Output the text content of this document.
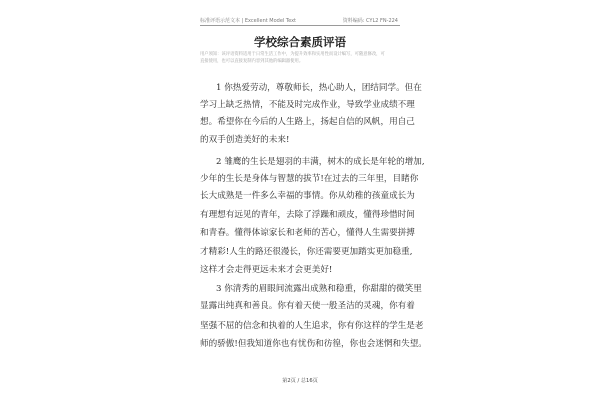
标准评语示范文本 | Excellent Model Text	资料编码: CYL2 FN-224
学校综合素质评语
用户须知：该评语资料适用于日常生活工作中，为提升效率和实用性而设计编写，可随意修改，可
直接使用，也可以直接复制内容到其他的编辑器使用。
1 你热爱劳动，尊敬师长，热心助人，团结同学。但在
学习上缺乏热情，不能及时完成作业，导致学业成绩不理
想。希望你在今后的人生路上，扬起自信的风帆，用自己
的双手创造美好的未来!
2 雏鹰的生长是翅羽的丰满，树木的成长是年轮的增加,
少年的生长是身体与智慧的拔节!在过去的三年里，目睹你
长大成熟是一件多么幸福的事情。你从幼稚的孩童成长为
有理想有远见的青年，去除了浮躁和顽皮，懂得珍惜时间
和青春。懂得体谅家长和老师的苦心，懂得人生需要拼搏
才精彩!人生的路还很漫长，你还需要更加踏实更加稳重,
这样才会走得更远未来才会更美好!
3 你清秀的眉眼间流露出成熟和稳重，你甜甜的微笑里
显露出纯真和善良。你有着天使一般圣洁的灵魂，你有着
坚强不屈的信念和执着的人生追求，你有你这样的学生是老
师的骄傲!但我知道你也有忧伤和彷徨，你也会迷惘和失望。
第2页 / 总16页
